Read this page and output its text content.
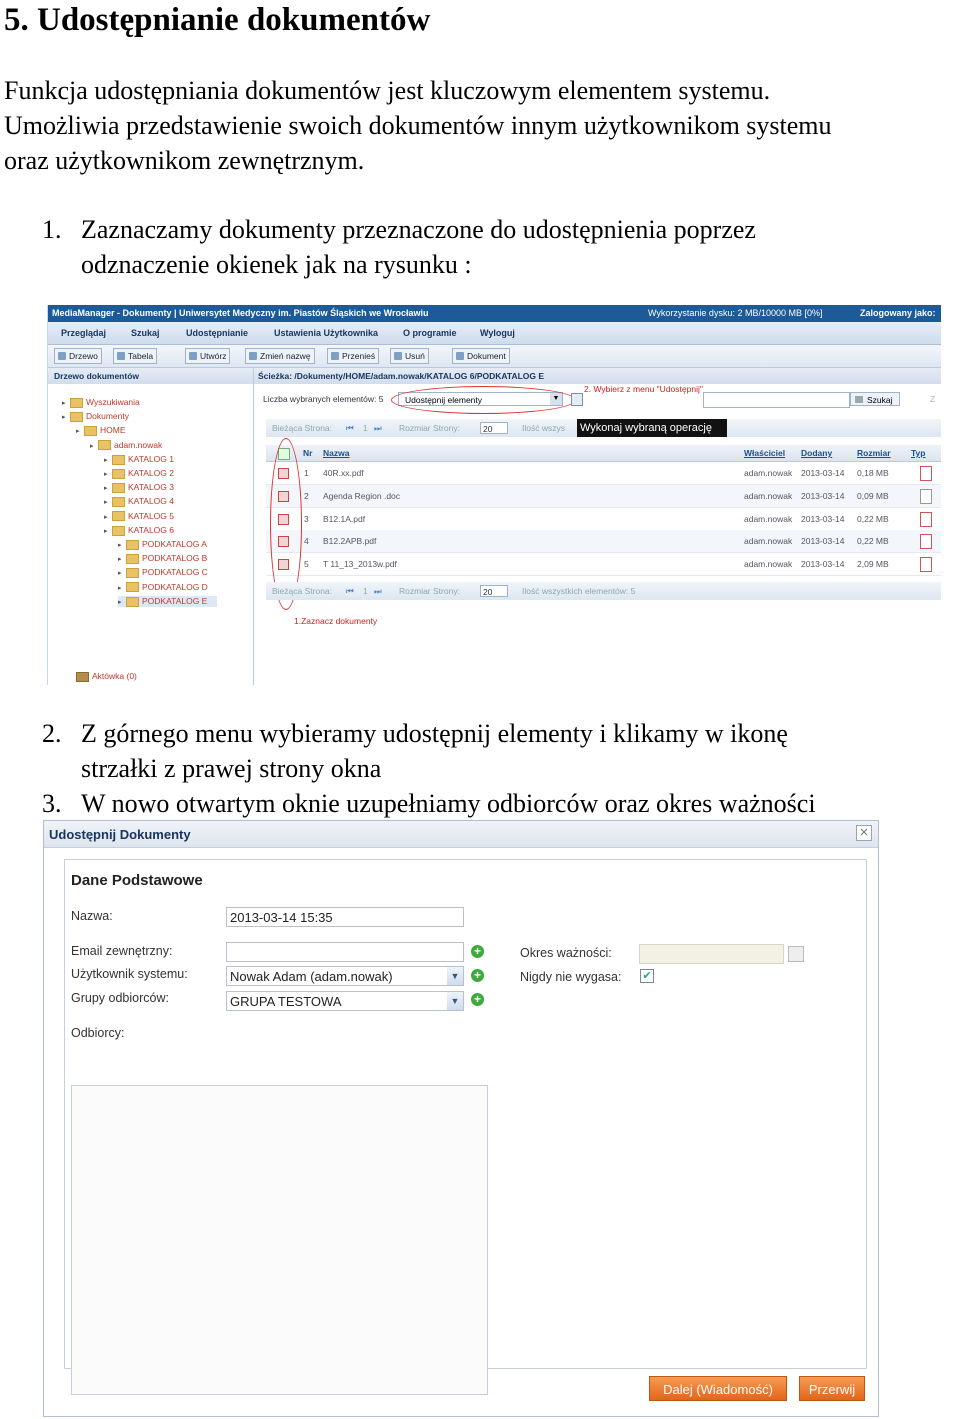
5. Udostępnianie dokumentów
Funkcja udostępniania dokumentów jest kluczowym elementem systemu.
Umożliwia przedstawienie swoich dokumentów innym użytkownikom systemu
oraz użytkownikom zewnętrznym.
1. Zaznaczamy dokumenty przeznaczone do udostępnienia poprzez
odznaczenie okienek jak na rysunku :
MediaManager - Dokumenty | Uniwersytet Medyczny im. Piastów Śląskich we Wrocławiu	Wykorzystanie dysku: 2 MB/10000 MB [0%]	Zalogowany jako:
Przeglądaj	Szukaj	Udostępnianie	Ustawienia Użytkownika	O programie	Wyloguj
Drzewo	Tabela	Utwórz	Zmień nazwę	Przenieś	Usuń	Dokument
Drzewo dokumentów
▸ Wyszukiwania
▸ Dokumenty
▸ HOME
▸ adam.nowak
▸ KATALOG 1
▸ KATALOG 2
▸ KATALOG 3
▸ KATALOG 4
▸ KATALOG 5
▸ KATALOG 6
▸ PODKATALOG A
▸ PODKATALOG B
▸ PODKATALOG C
▸ PODKATALOG D
▸ PODKATALOG E
Aktówka (0)
Ścieżka: /Dokumenty/HOME/adam.nowak/KATALOG 6/PODKATALOG E
Liczba wybranych elementów: 5	Udostępnij elementy	▼
2. Wybierz z menu "Udostępnij"
Szukaj	Z
Bieżąca Strona: ⏮ 1 ⏭ Rozmiar Strony:	20	Ilość wszys Wykonaj wybraną operację
Nr Nazwa	Właściciel Dodany	Rozmiar Typ
1 40R.xx.pdf	adam.nowak 2013-03-14 0,18 MB
2 Agenda Region .doc	adam.nowak 2013-03-14 0,09 MB
3 B12.1A.pdf	adam.nowak 2013-03-14 0,22 MB
4 B12.2APB.pdf	adam.nowak 2013-03-14 0,22 MB
5 T 11_13_2013w.pdf	adam.nowak 2013-03-14 2,09 MB
Bieżąca Strona: ⏮ 1 ⏭ Rozmiar Strony:	20	Ilość wszystkich elementów: 5
1.Zaznacz dokumenty
2. Z górnego menu wybieramy udostępnij elementy i klikamy w ikonę
strzałki z prawej strony okna
3. W nowo otwartym oknie uzupełniamy odbiorców oraz okres ważności
Udostępnij Dokumenty	✕
Dane Podstawowe
Nazwa:	2013-03-14 15:35
Email zewnętrzny:	+
Użytkownik systemu:	Nowak Adam (adam.nowak)	▼ +
Grupy odbiorców:	GRUPA TESTOWA	▼ +
Odbiorcy:
Okres ważności:
Nigdy nie wygasa: ✔
Dalej (Wiadomość)	Przerwij
